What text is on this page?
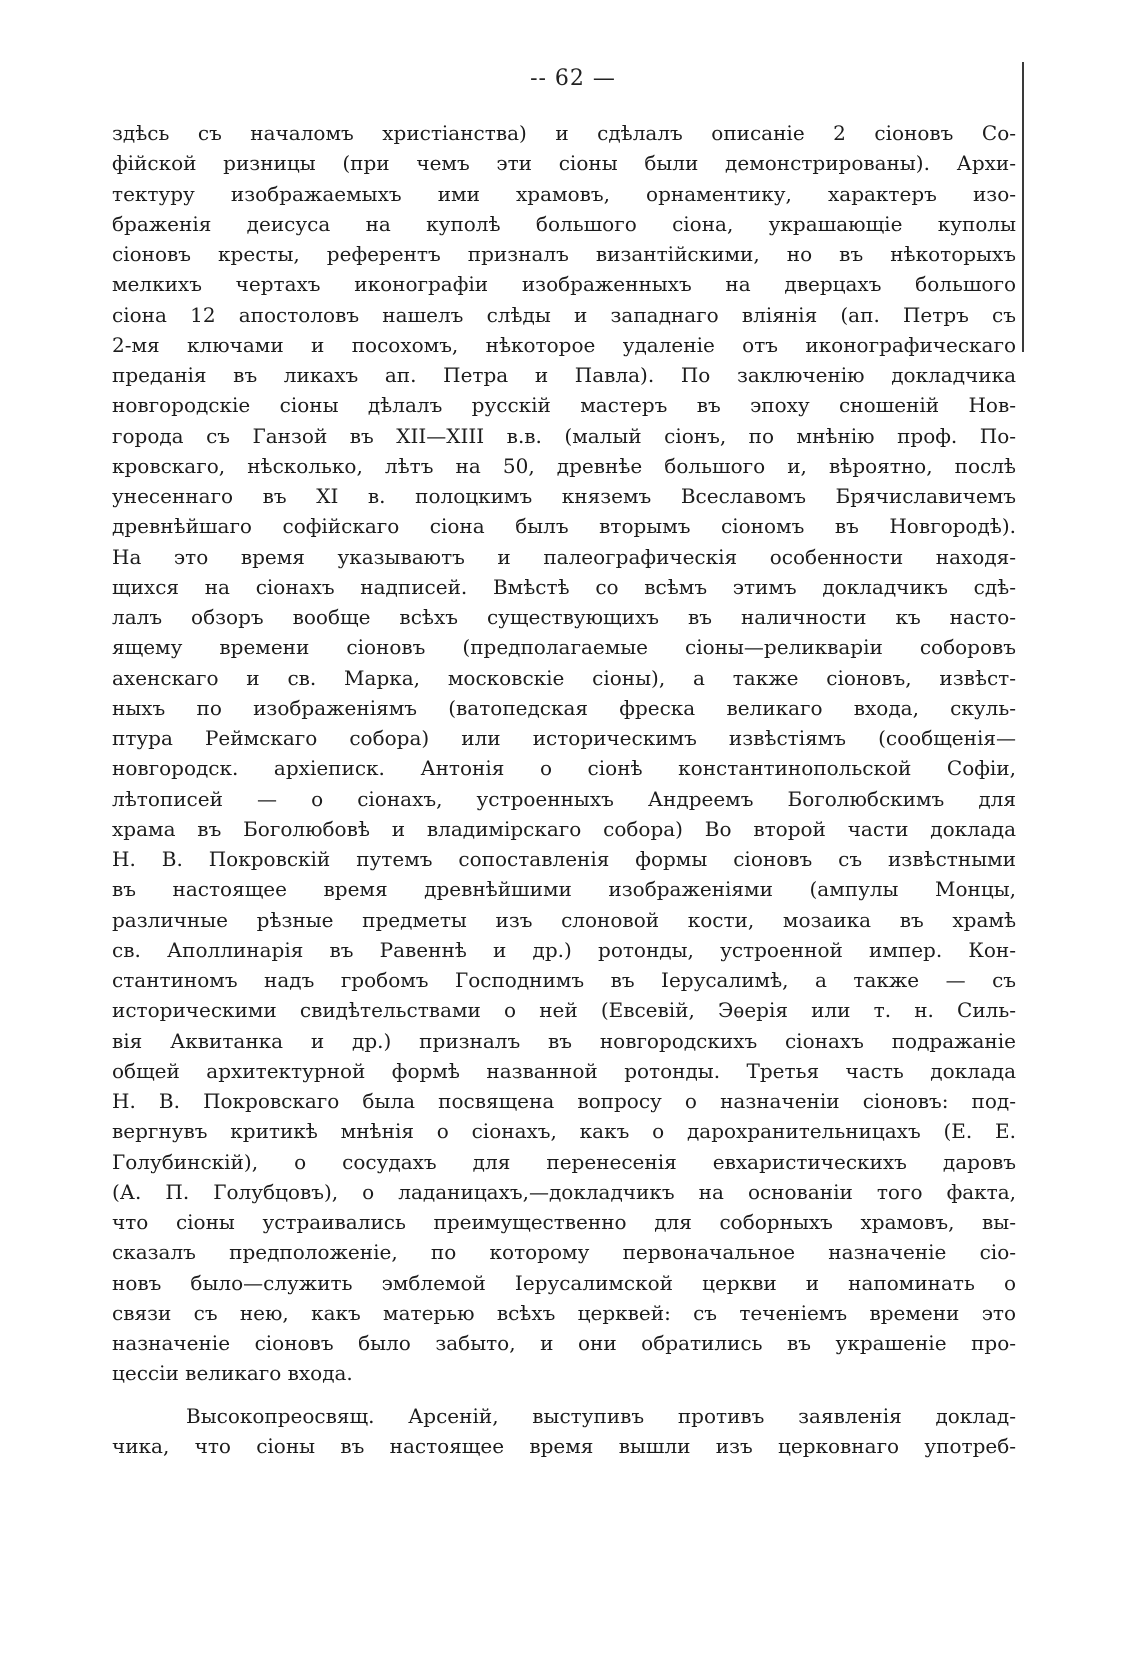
-- 62 —
здѣсь съ началомъ христіанства) и сдѣлалъ описаніе 2 сіоновъ Со-
фійской ризницы (при чемъ эти сіоны были демонстрированы). Архи-
тектуру изображаемыхъ ими храмовъ, орнаментику, характеръ изо-
браженія деисуса на куполѣ большого сіона, украшающіе куполы
сіоновъ кресты, референтъ призналъ византійскими, но въ нѣкоторыхъ
мелкихъ чертахъ иконографіи изображенныхъ на дверцахъ большого
сіона 12 апостоловъ нашелъ слѣды и западнаго вліянія (ап. Петръ съ
2-мя ключами и посохомъ, нѣкоторое удаленіе отъ иконографическаго
преданія въ ликахъ ап. Петра и Павла). По заключенію докладчика
новгородскіе сіоны дѣлалъ русскій мастеръ въ эпоху сношеній Нов-
города съ Ганзой въ XII—XIII в.в. (малый сіонъ, по мнѣнію проф. По-
кровскаго, нѣсколько, лѣтъ на 50, древнѣе большого и, вѣроятно, послѣ
унесеннаго въ XI в. полоцкимъ княземъ Всеславомъ Брячиславичемъ
древнѣйшаго софійскаго сіона былъ вторымъ сіономъ въ Новгородѣ).
На это время указываютъ и палеографическія особенности находя-
щихся на сіонахъ надписей. Вмѣстѣ со всѣмъ этимъ докладчикъ сдѣ-
лалъ обзоръ вообще всѣхъ существующихъ въ наличности къ насто-
ящему времени сіоновъ (предполагаемые сіоны—реликваріи соборовъ
ахенскаго и св. Марка, московскіе сіоны), а также сіоновъ, извѣст-
ныхъ по изображеніямъ (ватопедская фреска великаго входа, скуль-
птура Реймскаго собора) или историческимъ извѣстіямъ (сообщенія—
новгородск. архіеписк. Антонія о сіонѣ константинопольской Софіи,
лѣтописей — о сіонахъ, устроенныхъ Андреемъ Боголюбскимъ для
храма въ Боголюбовѣ и владимірскаго собора) Во второй части доклада
Н. В. Покровскій путемъ сопоставленія формы сіоновъ съ извѣстными
въ настоящее время древнѣйшими изображеніями (ампулы Монцы,
различные рѣзные предметы изъ слоновой кости, мозаика въ храмѣ
св. Аполлинарія въ Равеннѣ и др.) ротонды, устроенной импер. Кон-
стантиномъ надъ гробомъ Господнимъ въ Іерусалимѣ, а также — съ
историческими свидѣтельствами о ней (Евсевій, Эѳерія или т. н. Силь-
вія Аквитанка и др.) призналъ въ новгородскихъ сіонахъ подражаніе
общей архитектурной формѣ названной ротонды. Третья часть доклада
Н. В. Покровскаго была посвящена вопросу о назначеніи сіоновъ: под-
вергнувъ критикѣ мнѣнія о сіонахъ, какъ о дарохранительницахъ (Е. Е.
Голубинскій), о сосудахъ для перенесенія евхаристическихъ даровъ
(А. П. Голубцовъ), о ладаницахъ,—докладчикъ на основаніи того факта,
что сіоны устраивались преимущественно для соборныхъ храмовъ, вы-
сказалъ предположеніе, по которому первоначальное назначеніе сіо-
новъ было—служить эмблемой Іерусалимской церкви и напоминать о
связи съ нею, какъ матерью всѣхъ церквей: съ теченіемъ времени это
назначеніе сіоновъ было забыто, и они обратились въ украшеніе про-
цессіи великаго входа.
Высокопреосвящ. Арсеній, выступивъ противъ заявленія доклад-
чика, что сіоны въ настоящее время вышли изъ церковнаго употреб-
